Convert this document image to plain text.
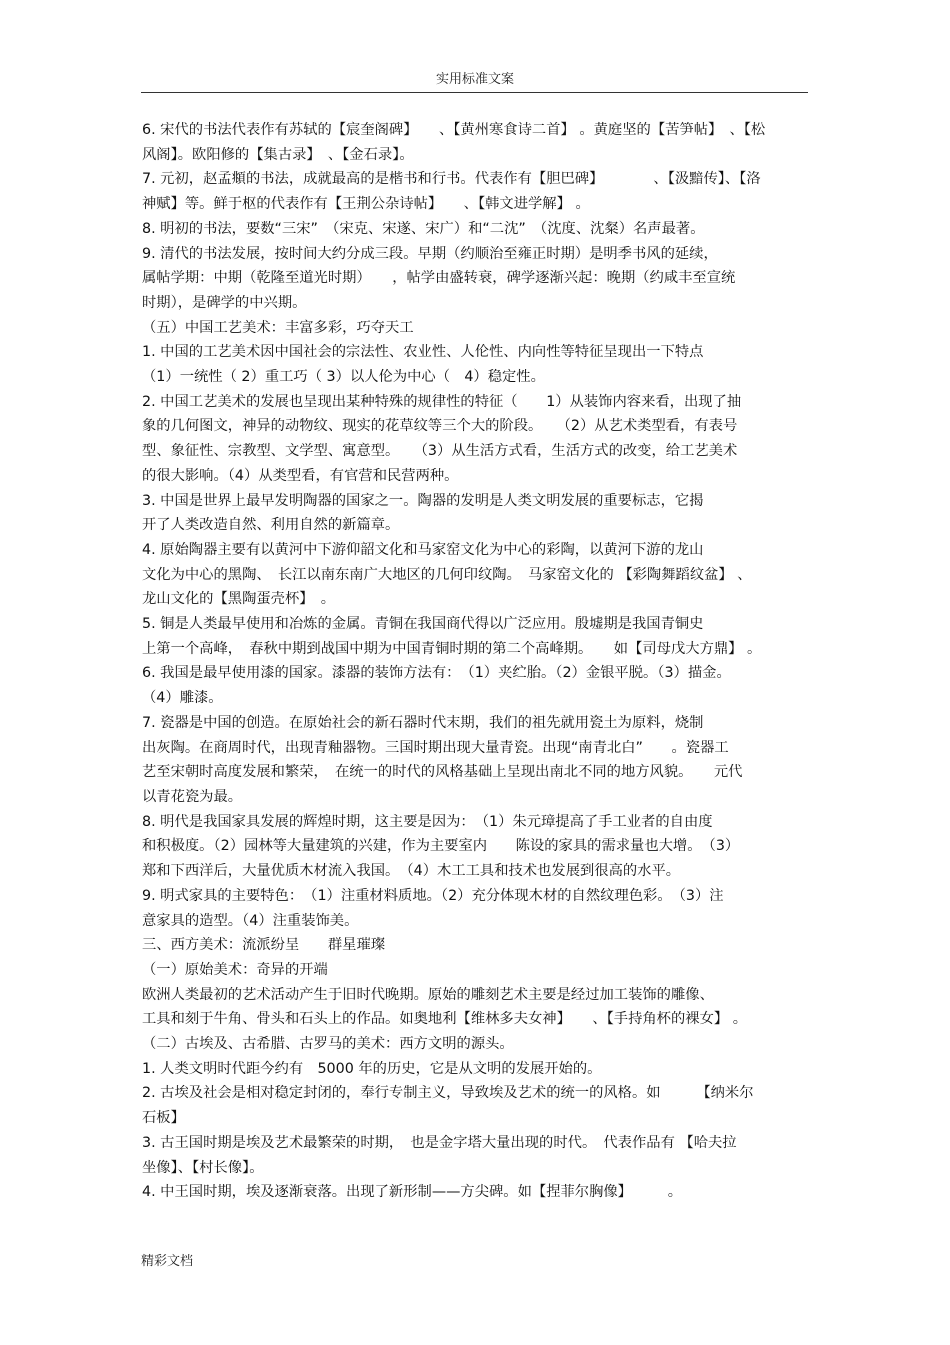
实用标准文案
6. 宋代的书法代表作有苏轼的【宸奎阁碑】　　、【黄州寒食诗二首】 。黄庭坚的【苦笋帖】　、【松
风阁】。欧阳修的【集古录】　、【金石录】。
7. 元初，赵孟頫的书法，成就最高的是楷书和行书。代表作有【胆巴碑】　　　　、【汲黯传】、【洛
神赋】等。鲜于枢的代表作有【王荆公杂诗帖】　　、【韩文进学解】 。
8. 明初的书法，要数“三宋”　（宋克、宋遂、宋广）和“二沈”　（沈度、沈粲）名声最著。
9. 清代的书法发展，按时间大约分成三段。早期（约顺治至雍正时期）是明季书风的延续，
属帖学期：中期（乾隆至道光时期）　　，帖学由盛转衰，碑学逐渐兴起：晚期（约咸丰至宣统
时期），是碑学的中兴期。
（五）中国工艺美术：丰富多彩，巧夺天工
1. 中国的工艺美术因中国社会的宗法性、农业性、人伦性、内向性等特征呈现出一下特点
（1）一统性（ 2）重工巧（ 3）以人伦为中心（　4）稳定性。
2. 中国工艺美术的发展也呈现出某种特殊的规律性的特征（　　1）从装饰内容来看，出现了抽
象的几何图文，神异的动物纹、现实的花草纹等三个大的阶段。　　（2）从艺术类型看，有表号
型、象征性、宗教型、文学型、寓意型。　　（3）从生活方式看，生活方式的改变，给工艺美术
的很大影响。（4）从类型看，有官营和民营两种。
3. 中国是世界上最早发明陶器的国家之一。陶器的发明是人类文明发展的重要标志，它揭
开了人类改造自然、利用自然的新篇章。
4. 原始陶器主要有以黄河中下游仰韶文化和马家窑文化为中心的彩陶，以黄河下游的龙山
文化为中心的黑陶、　长江以南东南广大地区的几何印纹陶。　马家窑文化的 【彩陶舞蹈纹盆】 、
龙山文化的【黑陶蛋壳杯】　。
5. 铜是人类最早使用和冶炼的金属。青铜在我国商代得以广泛应用。殷墟期是我国青铜史
上第一个高峰，　春秋中期到战国中期为中国青铜时期的第二个高峰期。　　如【司母戊大方鼎】 。
6. 我国是最早使用漆的国家。漆器的装饰方法有：　（1）夹纻胎。（2）金银平脱。（3）描金。
（4）雕漆。
7. 瓷器是中国的创造。在原始社会的新石器时代末期，我们的祖先就用瓷土为原料，烧制
出灰陶。在商周时代，出现青釉器物。三国时期出现大量青瓷。出现“南青北白”　　。瓷器工
艺至宋朝时高度发展和繁荣，　在统一的时代的风格基础上呈现出南北不同的地方风貌。　　元代
以青花瓷为最。
8. 明代是我国家具发展的辉煌时期，这主要是因为：　（1）朱元璋提高了手工业者的自由度
和积极度。（2）园林等大量建筑的兴建，作为主要室内　　陈设的家具的需求量也大增。　（3）
郑和下西洋后，大量优质木材流入我国。　（4）木工工具和技术也发展到很高的水平。
9. 明式家具的主要特色：　（1）注重材料质地。（2）充分体现木材的自然纹理色彩。　（3）注
意家具的造型。（4）注重装饰美。
三、西方美术：流派纷呈　　群星璀璨
（一）原始美术：奇异的开端
欧洲人类最初的艺术活动产生于旧时代晚期。原始的雕刻艺术主要是经过加工装饰的雕像、
工具和刻于牛角、骨头和石头上的作品。如奥地利【维林多夫女神】　　、【手持角杯的裸女】 。
（二）古埃及、古希腊、古罗马的美术：西方文明的源头。
1. 人类文明时代距今约有　5000 年的历史，它是从文明的发展开始的。
2. 古埃及社会是相对稳定封闭的，奉行专制主义，导致埃及艺术的统一的风格。如　　　【纳米尔
石板】
3. 古王国时期是埃及艺术最繁荣的时期，　也是金字塔大量出现的时代。　代表作品有 【哈夫拉
坐像】、【村长像】。
4. 中王国时期，埃及逐渐衰落。出现了新形制——方尖碑。如【捏菲尔胸像】　　　。
精彩文档
